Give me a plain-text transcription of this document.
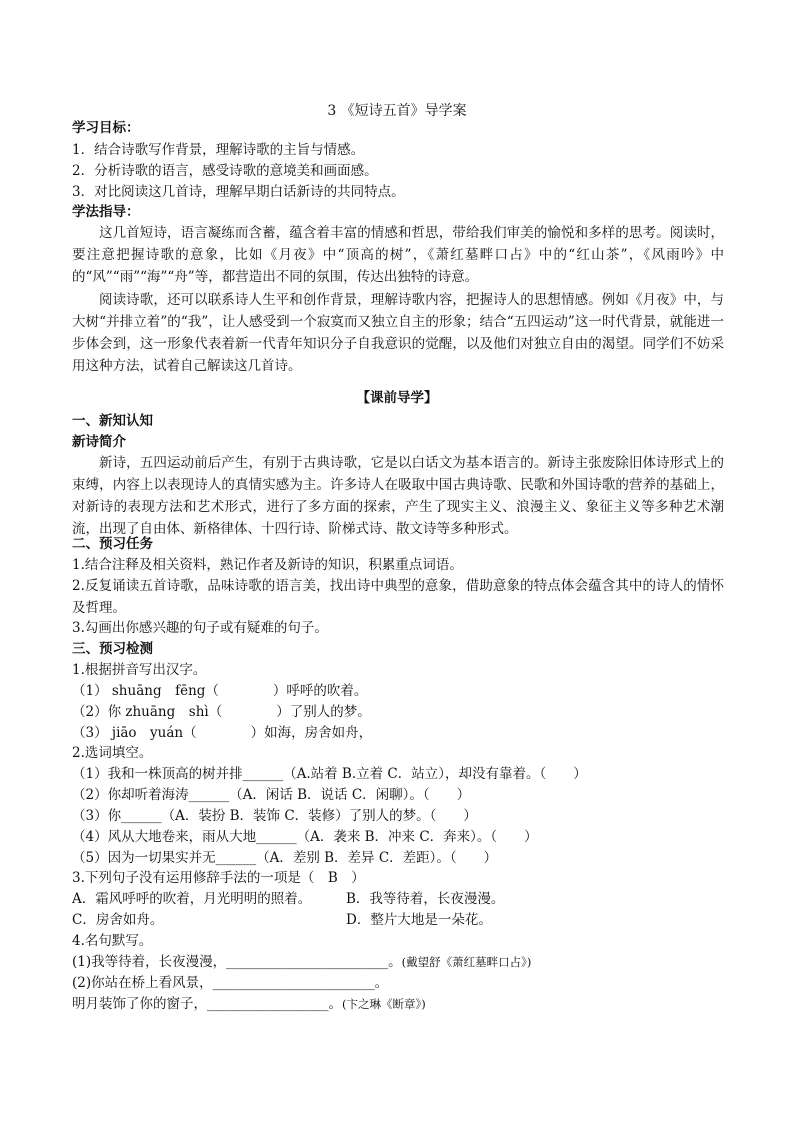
3 《短诗五首》导学案
学习目标：
1．结合诗歌写作背景，理解诗歌的主旨与情感。
2．分析诗歌的语言，感受诗歌的意境美和画面感。
3．对比阅读这几首诗，理解早期白话新诗的共同特点。
学法指导：
这几首短诗，语言凝练而含蓄，蕴含着丰富的情感和哲思，带给我们审美的愉悦和多样的思考。阅读时，要注意把握诗歌的意象，比如《月夜》中“顶高的树”，《萧红墓畔口占》中的“红山茶”，《风雨吟》中的“风”“雨”“海”“舟”等，都营造出不同的氛围，传达出独特的诗意。
阅读诗歌，还可以联系诗人生平和创作背景，理解诗歌内容，把握诗人的思想情感。例如《月夜》中，与大树“并排立着”的“我”，让人感受到一个寂寞而又独立自主的形象；结合“五四运动”这一时代背景，就能进一步体会到，这一形象代表着新一代青年知识分子自我意识的觉醒，以及他们对独立自由的渴望。同学们不妨采用这种方法，试着自己解读这几首诗。
【课前导学】
一、新知认知
新诗简介
新诗，五四运动前后产生，有别于古典诗歌，它是以白话文为基本语言的。新诗主张废除旧体诗形式上的束缚，内容上以表现诗人的真情实感为主。许多诗人在吸取中国古典诗歌、民歌和外国诗歌的营养的基础上，对新诗的表现方法和艺术形式，进行了多方面的探索，产生了现实主义、浪漫主义、象征主义等多种艺术潮流，出现了自由体、新格律体、十四行诗、阶梯式诗、散文诗等多种形式。
二、预习任务
1.结合注释及相关资料，熟记作者及新诗的知识，积累重点词语。
2.反复诵读五首诗歌，品味诗歌的语言美，找出诗中典型的意象，借助意象的特点体会蕴含其中的诗人的情怀及哲理。
3.勾画出你感兴趣的句子或有疑难的句子。
三、预习检测
1.根据拼音写出汉字。
（1） shuāng　fēng（　　　　）呼呼的吹着。
（2）你 zhuāng　shì（　　　　）了别人的梦。
（3） jiāo　yuán（　　　　）如海，房舍如舟，
2.选词填空。
（1）我和一株顶高的树并排______（A.站着 B.立着 C．站立），却没有靠着。（　　）
（2）你却听着海涛______（A．闲话 B．说话 C．闲聊）。（　　）
（3）你______（A．装扮 B．装饰 C．装修）了别人的梦。（　　）
（4）风从大地卷来，雨从大地______（A．袭来 B．冲来 C．奔来）。（　　）
（5）因为一切果实并无______（A．差别 B．差异 C．差距）。（　　）
3.下列句子没有运用修辞手法的一项是（　B　）
A．霜风呼呼的吹着，月光明明的照着。	B．我等待着，长夜漫漫。
C．房舍如舟。	D．整片大地是一朵花。
4.名句默写。
(1)我等待着，长夜漫漫，________________________。(戴望舒《萧红墓畔口占》)
(2)你站在桥上看风景，________________________。
明月装饰了你的窗子，__________________。(卞之琳《断章》)
